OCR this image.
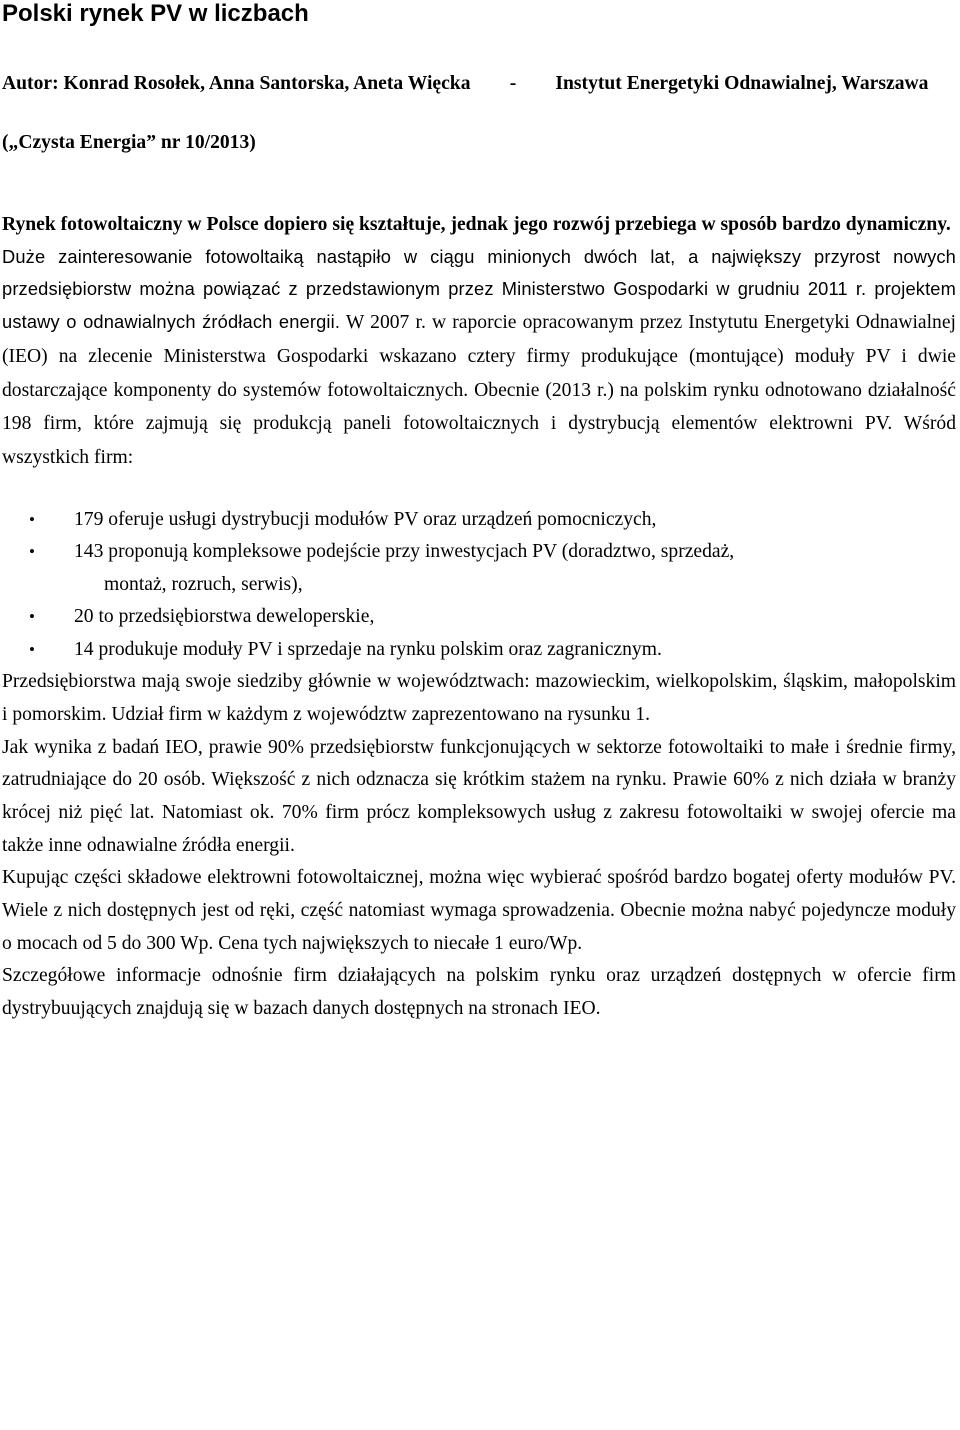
Polski rynek PV w liczbach

Autor: Konrad Rosołek, Anna Santorska, Aneta Więcka - Instytut Energetyki Odnawialnej, Warszawa

(„Czysta Energia” nr 10/2013)

Rynek fotowoltaiczny w Polsce dopiero się kształtuje, jednak jego rozwój przebiega w sposób bardzo dynamiczny.

Duże zainteresowanie fotowoltaiką nastąpiło w ciągu minionych dwóch lat, a największy przyrost nowych przedsiębiorstw można powiązać z przedstawionym przez Ministerstwo Gospodarki w grudniu 2011 r. projektem ustawy o odnawialnych źródłach energii. W 2007 r. w raporcie opracowanym przez Instytutu Energetyki Odnawialnej (IEO) na zlecenie Ministerstwa Gospodarki wskazano cztery firmy produkujące (montujące) moduły PV i dwie dostarczające komponenty do systemów fotowoltaicznych. Obecnie (2013 r.) na polskim rynku odnotowano działalność 198 firm, które zajmują się produkcją paneli fotowoltaicznych i dystrybucją elementów elektrowni PV. Wśród wszystkich firm:

• 179 oferuje usługi dystrybucji modułów PV oraz urządzeń pomocniczych,
• 143 proponują kompleksowe podejście przy inwestycjach PV (doradztwo, sprzedaż,
montaż, rozruch, serwis),
• 20 to przedsiębiorstwa deweloperskie,
• 14 produkuje moduły PV i sprzedaje na rynku polskim oraz zagranicznym.

Przedsiębiorstwa mają swoje siedziby głównie w województwach: mazowieckim, wielkopolskim, śląskim, małopolskim i pomorskim. Udział firm w każdym z województw zaprezentowano na rysunku 1.

Jak wynika z badań IEO, prawie 90% przedsiębiorstw funkcjonujących w sektorze fotowoltaiki to małe i średnie firmy, zatrudniające do 20 osób. Większość z nich odznacza się krótkim stażem na rynku. Prawie 60% z nich działa w branży krócej niż pięć lat. Natomiast ok. 70% firm prócz kompleksowych usług z zakresu fotowoltaiki w swojej ofercie ma także inne odnawialne źródła energii.

Kupując części składowe elektrowni fotowoltaicznej, można więc wybierać spośród bardzo bogatej oferty modułów PV. Wiele z nich dostępnych jest od ręki, część natomiast wymaga sprowadzenia. Obecnie można nabyć pojedyncze moduły o mocach od 5 do 300 Wp. Cena tych największych to niecałe 1 euro/Wp.

Szczegółowe informacje odnośnie firm działających na polskim rynku oraz urządzeń dostępnych w ofercie firm dystrybuujących znajdują się w bazach danych dostępnych na stronach IEO.
